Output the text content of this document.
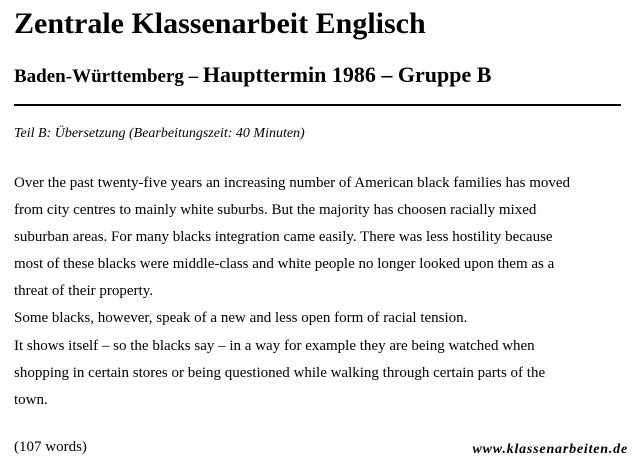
Zentrale Klassenarbeit Englisch
Baden-Württemberg – Haupttermin 1986 – Gruppe B
Teil B: Übersetzung (Bearbeitungszeit: 40 Minuten)
Over the past twenty-five years an increasing number of American black families has moved
from city centres to mainly white suburbs. But the majority has choosen racially mixed
suburban areas. For many blacks integration came easily. There was less hostility because
most of these blacks were middle-class and white people no longer looked upon them as a
threat of their property.
Some blacks, however, speak of a new and less open form of racial tension.
It shows itself – so the blacks say – in a way for example they are being watched when
shopping in certain stores or being questioned while walking through certain parts of the
town.
(107 words)	www.klassenarbeiten.de
